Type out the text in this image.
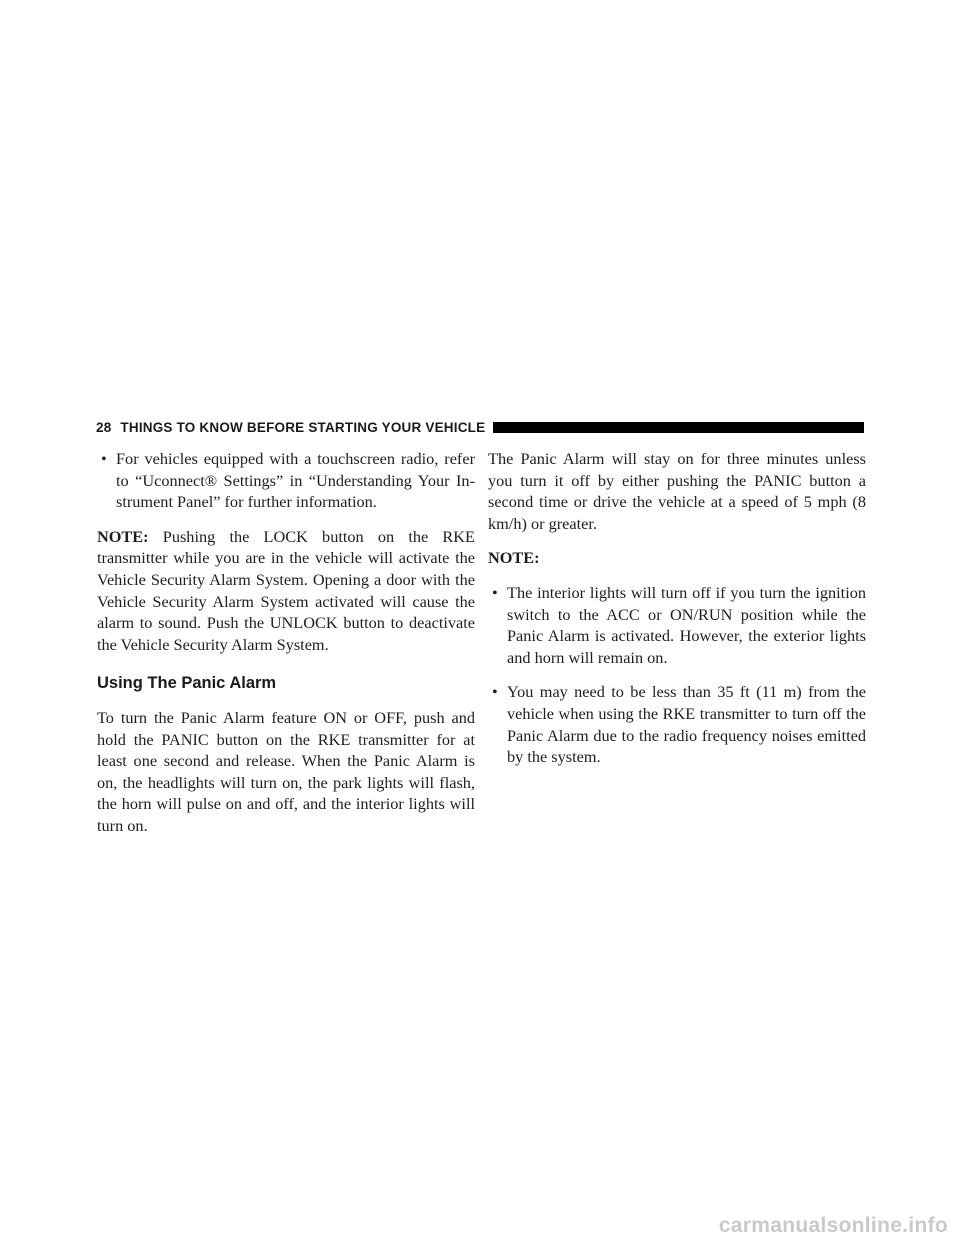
28 THINGS TO KNOW BEFORE STARTING YOUR VEHICLE
• For vehicles equipped with a touchscreen radio, refer to “Uconnect® Settings” in “Understanding Your In-strument Panel” for further information.

NOTE: Pushing the LOCK button on the RKE transmitter while you are in the vehicle will activate the Vehicle Security Alarm System. Opening a door with the Vehicle Security Alarm System activated will cause the alarm to sound. Push the UNLOCK button to deactivate the Vehicle Security Alarm System.

Using The Panic Alarm

To turn the Panic Alarm feature ON or OFF, push and hold the PANIC button on the RKE transmitter for at least one second and release. When the Panic Alarm is on, the headlights will turn on, the park lights will flash, the horn will pulse on and off, and the interior lights will turn on.

The Panic Alarm will stay on for three minutes unless you turn it off by either pushing the PANIC button a second time or drive the vehicle at a speed of 5 mph (8 km/h) or greater.

NOTE:
• The interior lights will turn off if you turn the ignition switch to the ACC or ON/RUN position while the Panic Alarm is activated. However, the exterior lights and horn will remain on.
• You may need to be less than 35 ft (11 m) from the vehicle when using the RKE transmitter to turn off the Panic Alarm due to the radio frequency noises emitted by the system.
carmanualsonline.info
